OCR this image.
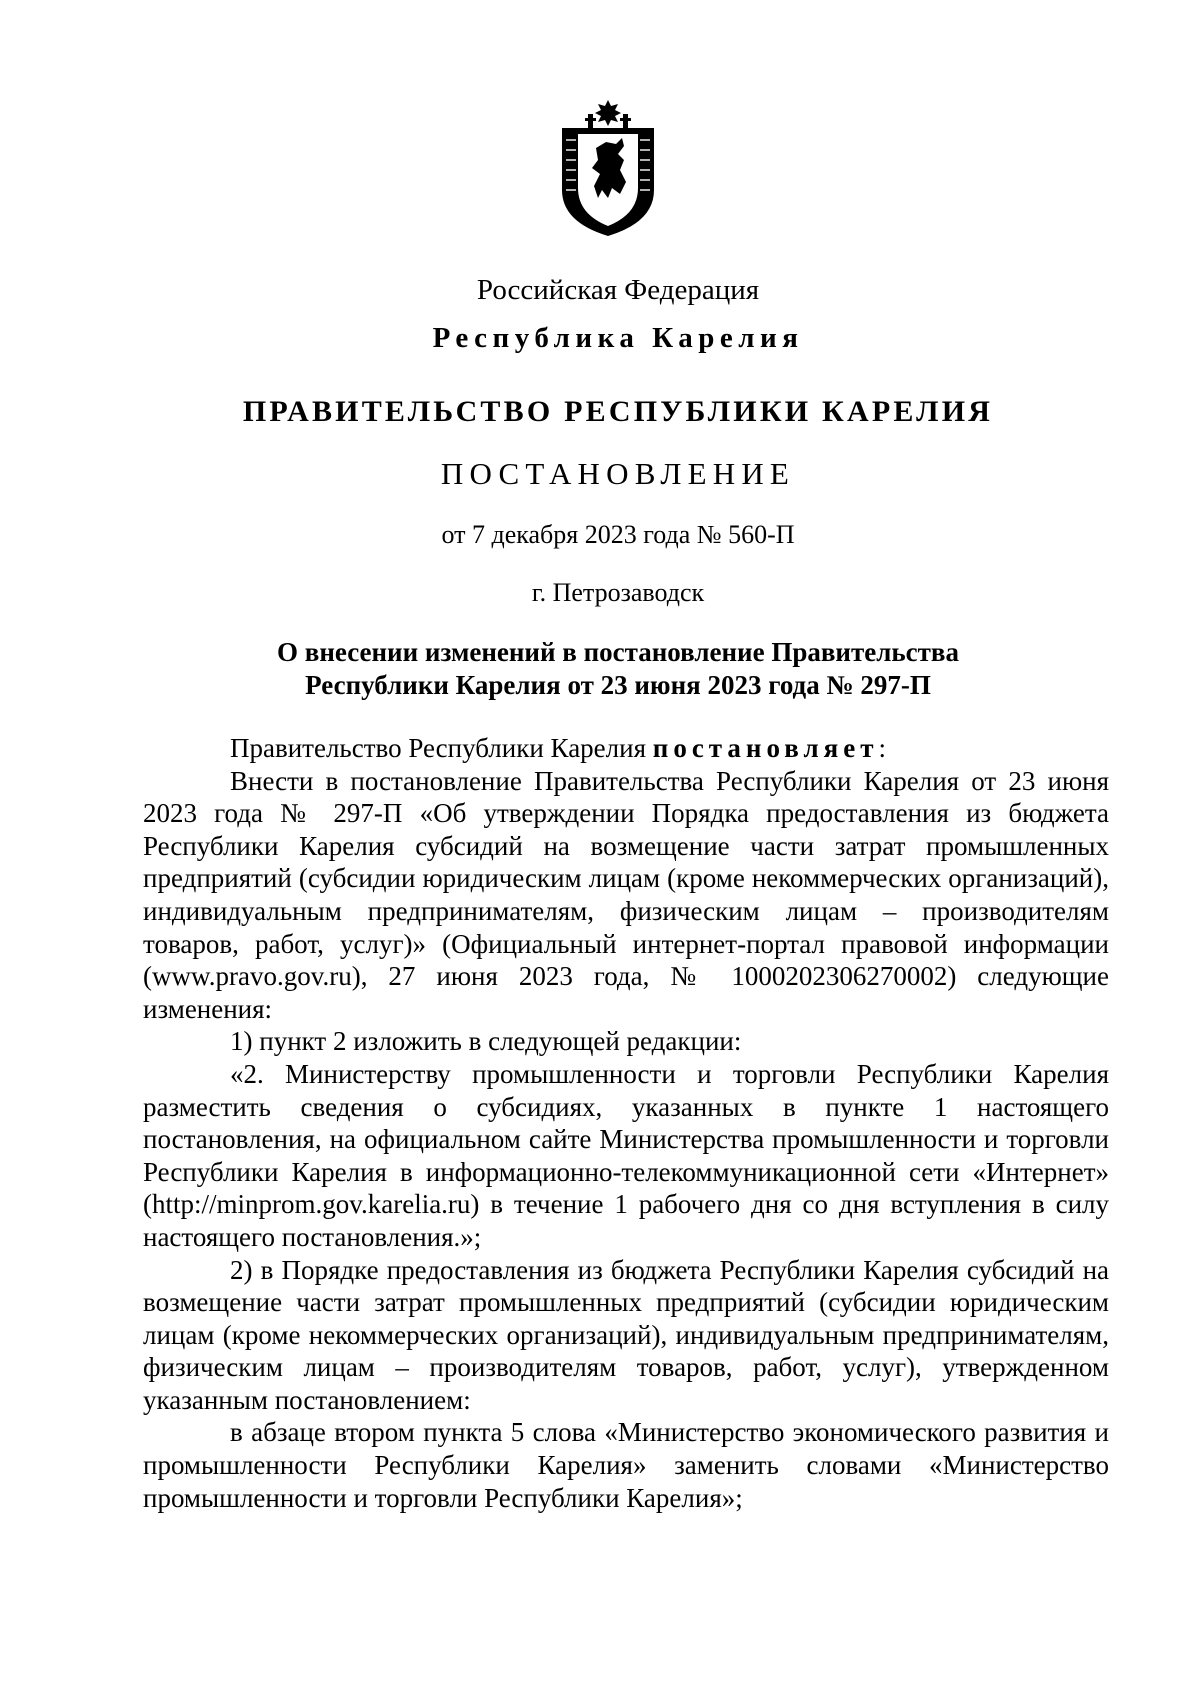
Российская Федерация
Республика Карелия
ПРАВИТЕЛЬСТВО РЕСПУБЛИКИ КАРЕЛИЯ
ПОСТАНОВЛЕНИЕ
от 7 декабря 2023 года № 560-П
г. Петрозаводск
О внесении изменений в постановление Правительства
Республики Карелия от 23 июня 2023 года № 297-П

Правительство Республики Карелия постановляет:

Внести в постановление Правительства Республики Карелия от 23 июня 2023 года № 297-П «Об утверждении Порядка предоставления из бюджета Республики Карелия субсидий на возмещение части затрат промышленных предприятий (субсидии юридическим лицам (кроме некоммерческих организаций), индивидуальным предпринимателям, физическим лицам – производителям товаров, работ, услуг)» (Официальный интернет-портал правовой информации (www.pravo.gov.ru), 27 июня 2023 года, № 1000202306270002) следующие изменения:

1) пункт 2 изложить в следующей редакции:

«2. Министерству промышленности и торговли Республики Карелия разместить сведения о субсидиях, указанных в пункте 1 настоящего постановления, на официальном сайте Министерства промышленности и торговли Республики Карелия в информационно-телекоммуникационной сети «Интернет» (http://minprom.gov.karelia.ru) в течение 1 рабочего дня со дня вступления в силу настоящего постановления.»;

2) в Порядке предоставления из бюджета Республики Карелия субсидий на возмещение части затрат промышленных предприятий (субсидии юридическим лицам (кроме некоммерческих организаций), индивидуальным предпринимателям, физическим лицам – производителям товаров, работ, услуг), утвержденном указанным постановлением:

в абзаце втором пункта 5 слова «Министерство экономического развития и промышленности Республики Карелия» заменить словами «Министерство промышленности и торговли Республики Карелия»;
